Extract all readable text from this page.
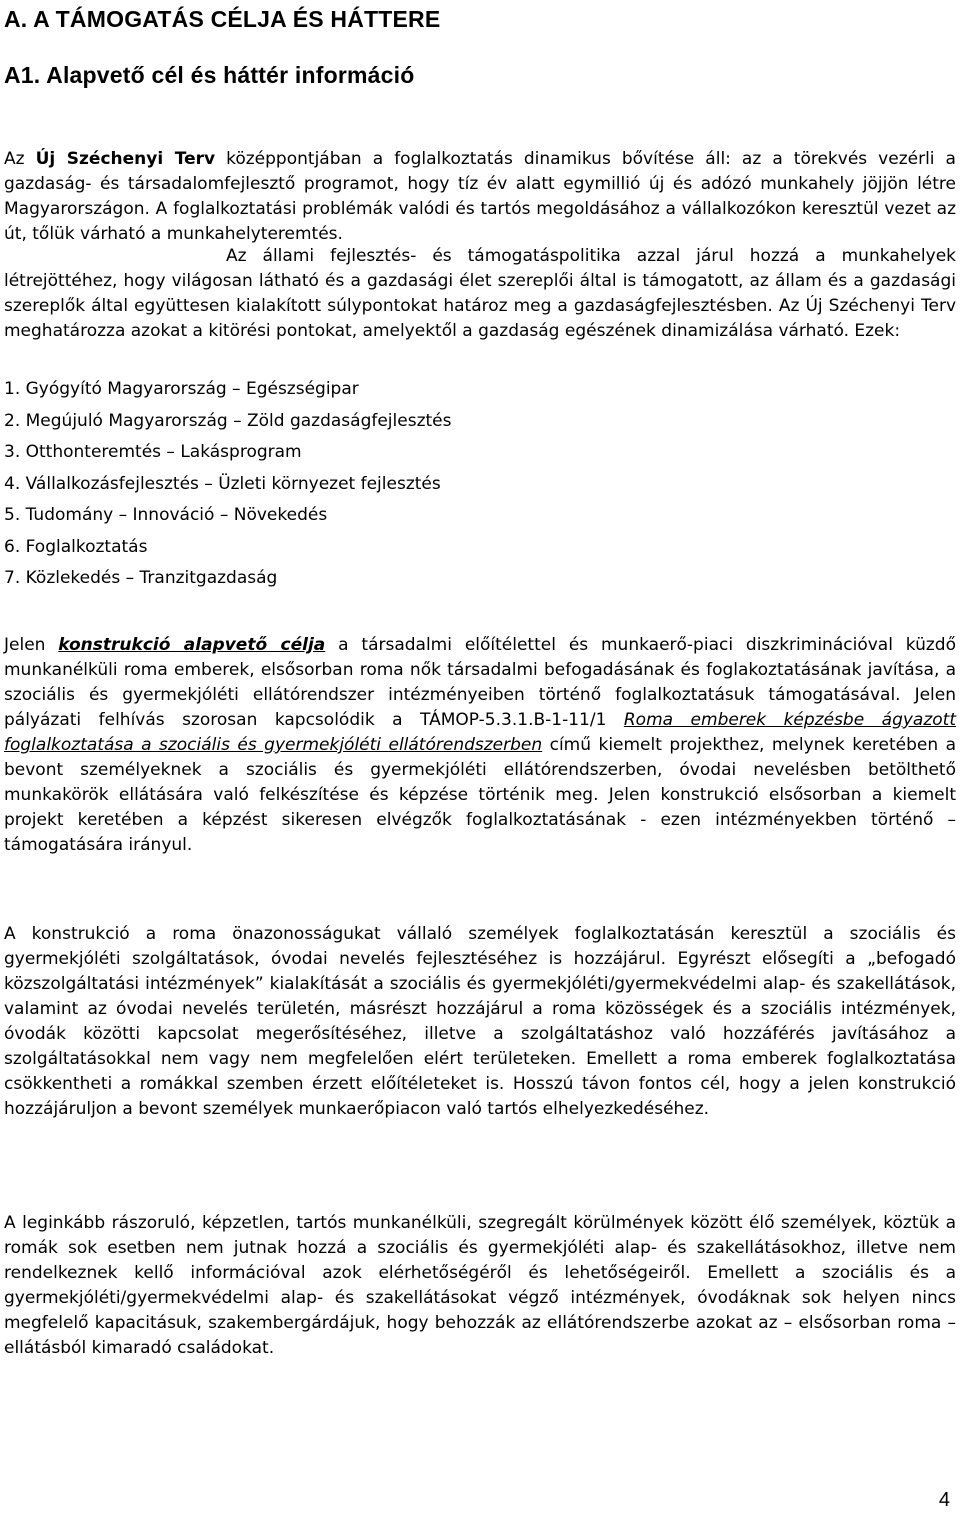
A. A TÁMOGATÁS CÉLJA ÉS HÁTTERE
A1. Alapvető cél és háttér információ

Az Új Széchenyi Terv középpontjában a foglalkoztatás dinamikus bővítése áll: az a törekvés vezérli a gazdaság- és társadalomfejlesztő programot, hogy tíz év alatt egymillió új és adózó munkahely jöjjön létre Magyarországon. A foglalkoztatási problémák valódi és tartós megoldásához a vállalkozókon keresztül vezet az út, tőlük várható a munkahelyteremtés.

Az állami fejlesztés- és támogatáspolitika azzal járul hozzá a munkahelyek létrejöttéhez, hogy világosan látható és a gazdasági élet szereplői által is támogatott, az állam és a gazdasági szereplők által együttesen kialakított súlypontokat határoz meg a gazdaságfejlesztésben. Az Új Széchenyi Terv meghatározza azokat a kitörési pontokat, amelyektől a gazdaság egészének dinamizálása várható. Ezek:

1. Gyógyító Magyarország – Egészségipar
2. Megújuló Magyarország – Zöld gazdaságfejlesztés
3. Otthonteremtés – Lakásprogram
4. Vállalkozásfejlesztés – Üzleti környezet fejlesztés
5. Tudomány – Innováció – Növekedés
6. Foglalkoztatás
7. Közlekedés – Tranzitgazdaság

Jelen konstrukció alapvető célja a társadalmi előítélettel és munkaerő-piaci diszkriminációval küzdő munkanélküli roma emberek, elsősorban roma nők társadalmi befogadásának és foglakoztatásának javítása, a szociális és gyermekjóléti ellátórendszer intézményeiben történő foglalkoztatásuk támogatásával. Jelen pályázati felhívás szorosan kapcsolódik a TÁMOP-5.3.1.B-1-11/1 Roma emberek képzésbe ágyazott foglalkoztatása a szociális és gyermekjóléti ellátórendszerben című kiemelt projekthez, melynek keretében a bevont személyeknek a szociális és gyermekjóléti ellátórendszerben, óvodai nevelésben betölthető munkakörök ellátására való felkészítése és képzése történik meg. Jelen konstrukció elsősorban a kiemelt projekt keretében a képzést sikeresen elvégzők foglalkoztatásának - ezen intézményekben történő – támogatására irányul.

A konstrukció a roma önazonosságukat vállaló személyek foglalkoztatásán keresztül a szociális és gyermekjóléti szolgáltatások, óvodai nevelés fejlesztéséhez is hozzájárul. Egyrészt elősegíti a „befogadó közszolgáltatási intézmények” kialakítását a szociális és gyermekjóléti/gyermekvédelmi alap- és szakellátások, valamint az óvodai nevelés területén, másrészt hozzájárul a roma közösségek és a szociális intézmények, óvodák közötti kapcsolat megerősítéséhez, illetve a szolgáltatáshoz való hozzáférés javításához a szolgáltatásokkal nem vagy nem megfelelően elért területeken. Emellett a roma emberek foglalkoztatása csökkentheti a romákkal szemben érzett előítéleteket is. Hosszú távon fontos cél, hogy a jelen konstrukció hozzájáruljon a bevont személyek munkaerőpiacon való tartós elhelyezkedéséhez.

A leginkább rászoruló, képzetlen, tartós munkanélküli, szegregált körülmények között élő személyek, köztük a romák sok esetben nem jutnak hozzá a szociális és gyermekjóléti alap- és szakellátásokhoz, illetve nem rendelkeznek kellő információval azok elérhetőségéről és lehetőségeiről. Emellett a szociális és a gyermekjóléti/gyermekvédelmi alap- és szakellátásokat végző intézmények, óvodáknak sok helyen nincs megfelelő kapacitásuk, szakembergárdájuk, hogy behozzák az ellátórendszerbe azokat az – elsősorban roma –ellátásból kimaradó családokat.

4
